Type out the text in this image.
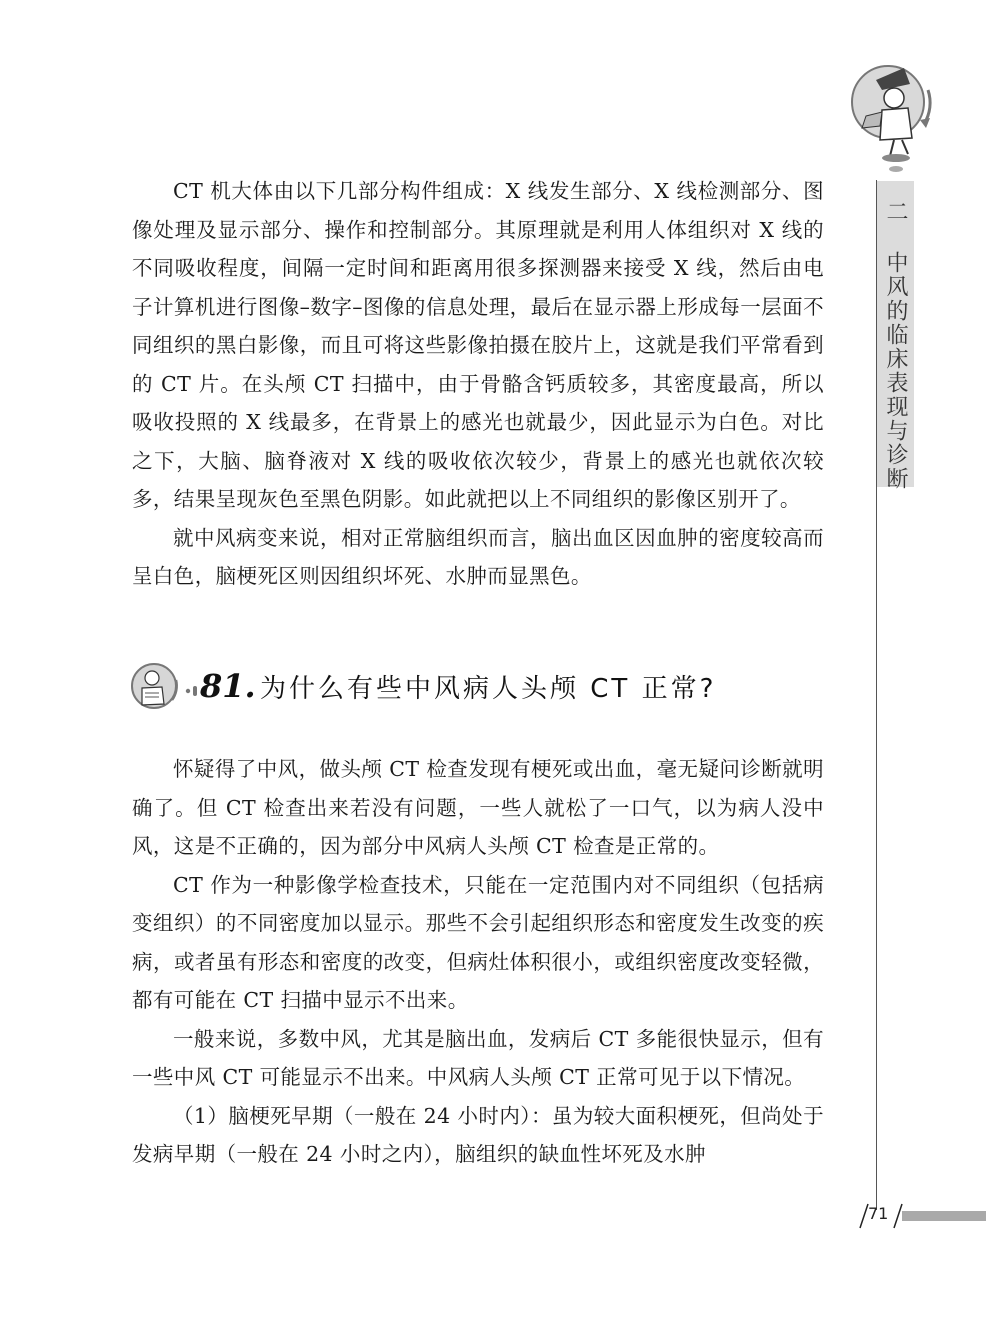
二 中风的临床表现与诊断

CT 机大体由以下几部分构件组成：X 线发生部分、X 线检测部分、图像处理及显示部分、操作和控制部分。其原理就是利用人体组织对 X 线的不同吸收程度，间隔一定时间和距离用很多探测器来接受 X 线，然后由电子计算机进行图像–数字–图像的信息处理，最后在显示器上形成每一层面不同组织的黑白影像，而且可将这些影像拍摄在胶片上，这就是我们平常看到的 CT 片。在头颅 CT 扫描中，由于骨骼含钙质较多，其密度最高，所以吸收投照的 X 线最多，在背景上的感光也就最少，因此显示为白色。对比之下，大脑、脑脊液对 X 线的吸收依次较少，背景上的感光也就依次较多，结果呈现灰色至黑色阴影。如此就把以上不同组织的影像区别开了。

就中风病变来说，相对正常脑组织而言，脑出血区因血肿的密度较高而呈白色，脑梗死区则因组织坏死、水肿而显黑色。

81. 为什么有些中风病人头颅 CT 正常?

怀疑得了中风，做头颅 CT 检查发现有梗死或出血，毫无疑问诊断就明确了。但 CT 检查出来若没有问题，一些人就松了一口气，以为病人没中风，这是不正确的，因为部分中风病人头颅 CT 检查是正常的。

CT 作为一种影像学检查技术，只能在一定范围内对不同组织（包括病变组织）的不同密度加以显示。那些不会引起组织形态和密度发生改变的疾病，或者虽有形态和密度的改变，但病灶体积很小，或组织密度改变轻微，都有可能在 CT 扫描中显示不出来。

一般来说，多数中风，尤其是脑出血，发病后 CT 多能很快显示，但有一些中风 CT 可能显示不出来。中风病人头颅 CT 正常可见于以下情况。

（1）脑梗死早期（一般在 24 小时内）：虽为较大面积梗死，但尚处于发病早期（一般在 24 小时之内），脑组织的缺血性坏死及水肿

71
